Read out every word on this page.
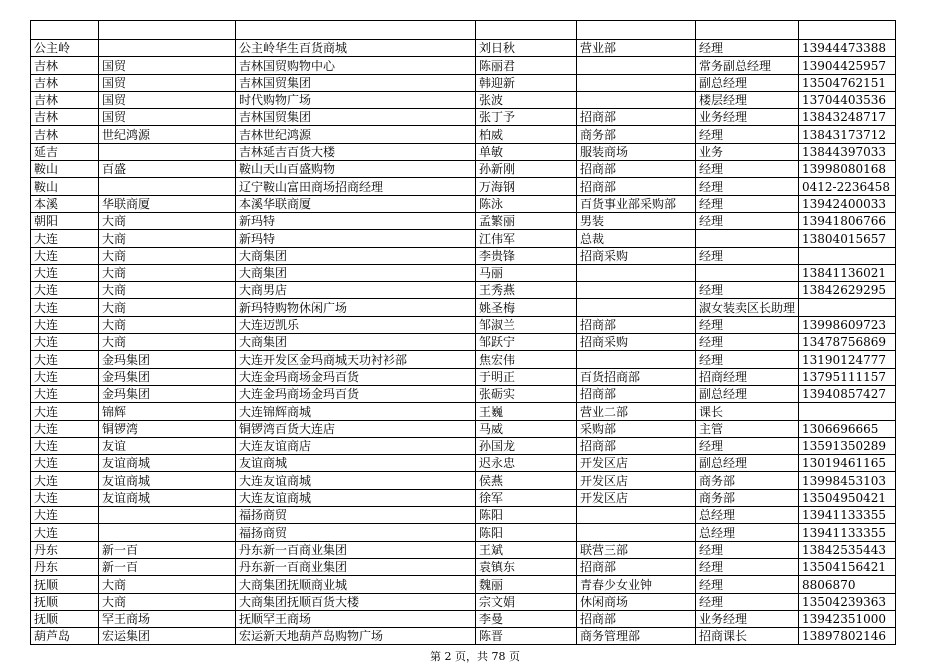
公主岭		公主岭华生百货商城	刘日秋	营业部	经理	13944473388
吉林	国贸	吉林国贸购物中心	陈丽君		常务副总经理	13904425957
吉林	国贸	吉林国贸集团	韩迎新		副总经理	13504762151
吉林	国贸	时代购物广场	张波		楼层经理	13704403536
吉林	国贸	吉林国贸集团	张丁予	招商部	业务经理	13843248717
吉林	世纪鸿源	吉林世纪鸿源	柏威	商务部	经理	13843173712
延吉		吉林延吉百货大楼	单敏	服装商场	业务	13844397033
鞍山	百盛	鞍山天山百盛购物	孙新刚	招商部	经理	13998080168
鞍山		辽宁鞍山富田商场招商经理	万海钢	招商部	经理	0412-2236458
本溪	华联商厦	本溪华联商厦	陈泳	百货事业部采购部	经理	13942400033
朝阳	大商	新玛特	孟繁丽	男装	经理	13941806766
大连	大商	新玛特	江伟军	总裁		13804015657
大连	大商	大商集团	李贵锋	招商采购	经理	
大连	大商	大商集团	马丽			13841136021
大连	大商	大商男店	王秀燕		经理	13842629295
大连	大商	新玛特购物休闲广场	姚圣梅		淑女装卖区长助理	
大连	大商	大连迈凯乐	邹淑兰	招商部	经理	13998609723
大连	大商	大商集团	邹跃宁	招商采购	经理	13478756869
大连	金玛集团	大连开发区金玛商城天功衬衫部	焦宏伟		经理	13190124777
大连	金玛集团	大连金玛商场金玛百货	于明正	百货招商部	招商经理	13795111157
大连	金玛集团	大连金玛商场金玛百货	张砺实	招商部	副总经理	13940857427
大连	锦辉	大连锦辉商城	王巍	营业二部	课长	
大连	铜锣湾	铜锣湾百货大连店	马威	采购部	主管	1306696665
大连	友谊	大连友谊商店	孙国龙	招商部	经理	13591350289
大连	友谊商城	友谊商城	迟永忠	开发区店	副总经理	13019461165
大连	友谊商城	大连友谊商城	侯燕	开发区店	商务部	13998453103
大连	友谊商城	大连友谊商城	徐军	开发区店	商务部	13504950421
大连		福扬商贸	陈阳		总经理	13941133355
大连		福扬商贸	陈阳		总经理	13941133355
丹东	新一百	丹东新一百商业集团	王斌	联营三部	经理	13842535443
丹东	新一百	丹东新一百商业集团	袁镇东	招商部	经理	13504156421
抚顺	大商	大商集团抚顺商业城	魏丽	青春少女业钟	经理	8806870
抚顺	大商	大商集团抚顺百货大楼	宗文娟	休闲商场	经理	13504239363
抚顺	罕王商场	抚顺罕王商场	李曼	招商部	业务经理	13942351000
葫芦岛	宏运集团	宏运新天地葫芦岛购物广场	陈晋	商务管理部	招商课长	13897802146
第 2 页，共 78 页
